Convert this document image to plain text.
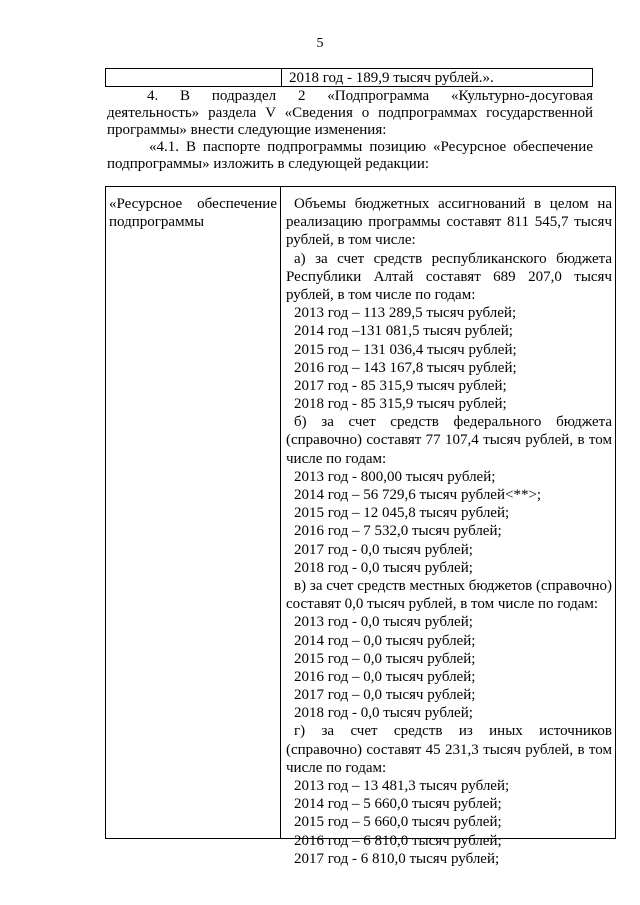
5
2018 год - 189,9 тысяч рублей.».
4. В подраздел 2 «Подпрограмма «Культурно-досуговая
деятельность» раздела V «Сведения о подпрограммах государственной
программы» внести следующие изменения:
«4.1. В паспорте подпрограммы позицию «Ресурсное обеспечение
подпрограммы» изложить в следующей редакции:
«Ресурсное обеспечение
подпрограммы
Объемы бюджетных ассигнований в целом на
реализацию программы составят 811 545,7 тысяч
рублей, в том числе:
а) за счет средств республиканского бюджета
Республики Алтай составят 689 207,0 тысяч
рублей, в том числе по годам:
2013 год – 113 289,5 тысяч рублей;
2014 год –131 081,5 тысяч рублей;
2015 год – 131 036,4 тысяч рублей;
2016 год – 143 167,8 тысяч рублей;
2017 год - 85 315,9 тысяч рублей;
2018 год - 85 315,9 тысяч рублей;
б) за счет средств федерального бюджета
(справочно) составят 77 107,4 тысяч рублей, в том
числе по годам:
2013 год - 800,00 тысяч рублей;
2014 год – 56 729,6 тысяч рублей<**>;
2015 год – 12 045,8 тысяч рублей;
2016 год – 7 532,0 тысяч рублей;
2017 год - 0,0 тысяч рублей;
2018 год - 0,0 тысяч рублей;
в) за счет средств местных бюджетов (справочно)
составят 0,0 тысяч рублей, в том числе по годам:
2013 год - 0,0 тысяч рублей;
2014 год – 0,0 тысяч рублей;
2015 год – 0,0 тысяч рублей;
2016 год – 0,0 тысяч рублей;
2017 год – 0,0 тысяч рублей;
2018 год - 0,0 тысяч рублей;
г) за счет средств из иных источников
(справочно) составят 45 231,3 тысяч рублей, в том
числе по годам:
2013 год – 13 481,3 тысяч рублей;
2014 год – 5 660,0 тысяч рублей;
2015 год – 5 660,0 тысяч рублей;
2016 год – 6 810,0 тысяч рублей;
2017 год - 6 810,0 тысяч рублей;
